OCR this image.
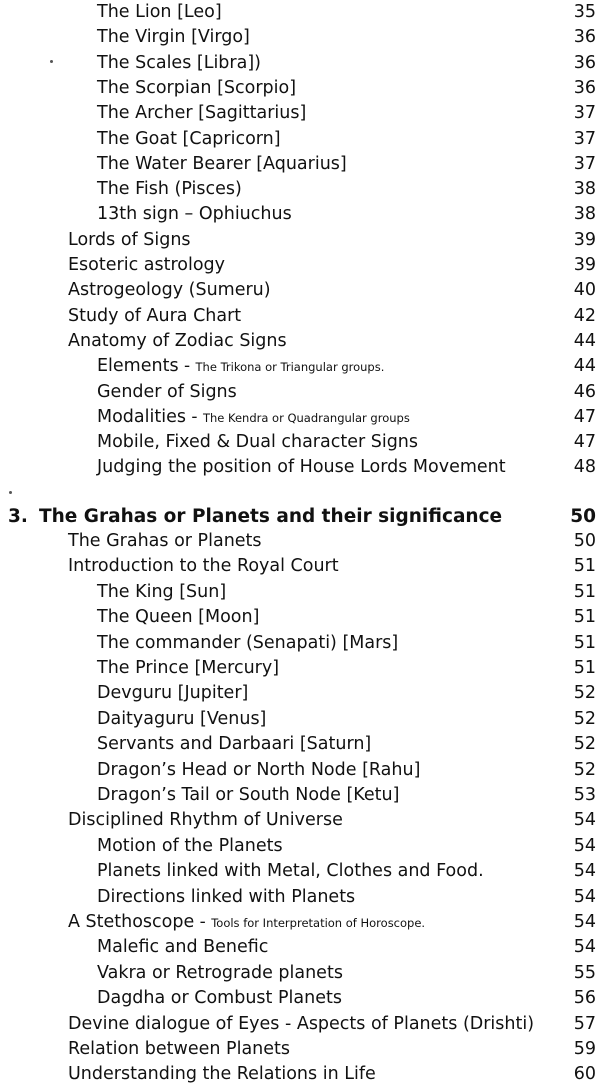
The Lion [Leo]	35
The Virgin [Virgo]	36
The Scales [Libra])	36
The Scorpian [Scorpio]	36
The Archer [Sagittarius]	37
The Goat [Capricorn]	37
The Water Bearer [Aquarius]	37
The Fish (Pisces)	38
13th sign – Ophiuchus	38
Lords of Signs	39
Esoteric astrology	39
Astrogeology (Sumeru)	40
Study of Aura Chart	42
Anatomy of Zodiac Signs	44
Elements - The Trikona or Triangular groups.	44
Gender of Signs	46
Modalities - The Kendra or Quadrangular groups	47
Mobile, Fixed & Dual character Signs	47
Judging the position of House Lords Movement	48
3. The Grahas or Planets and their significance	50
The Grahas or Planets	50
Introduction to the Royal Court	51
The King [Sun]	51
The Queen [Moon]	51
The commander (Senapati) [Mars]	51
The Prince [Mercury]	51
Devguru [Jupiter]	52
Daityaguru [Venus]	52
Servants and Darbaari [Saturn]	52
Dragon’s Head or North Node [Rahu]	52
Dragon’s Tail or South Node [Ketu]	53
Disciplined Rhythm of Universe	54
Motion of the Planets	54
Planets linked with Metal, Clothes and Food.	54
Directions linked with Planets	54
A Stethoscope - Tools for Interpretation of Horoscope.	54
Malefic and Benefic	54
Vakra or Retrograde planets	55
Dagdha or Combust Planets	56
Devine dialogue of Eyes - Aspects of Planets (Drishti) 57
Relation between Planets	59
Understanding the Relations in Life	60
